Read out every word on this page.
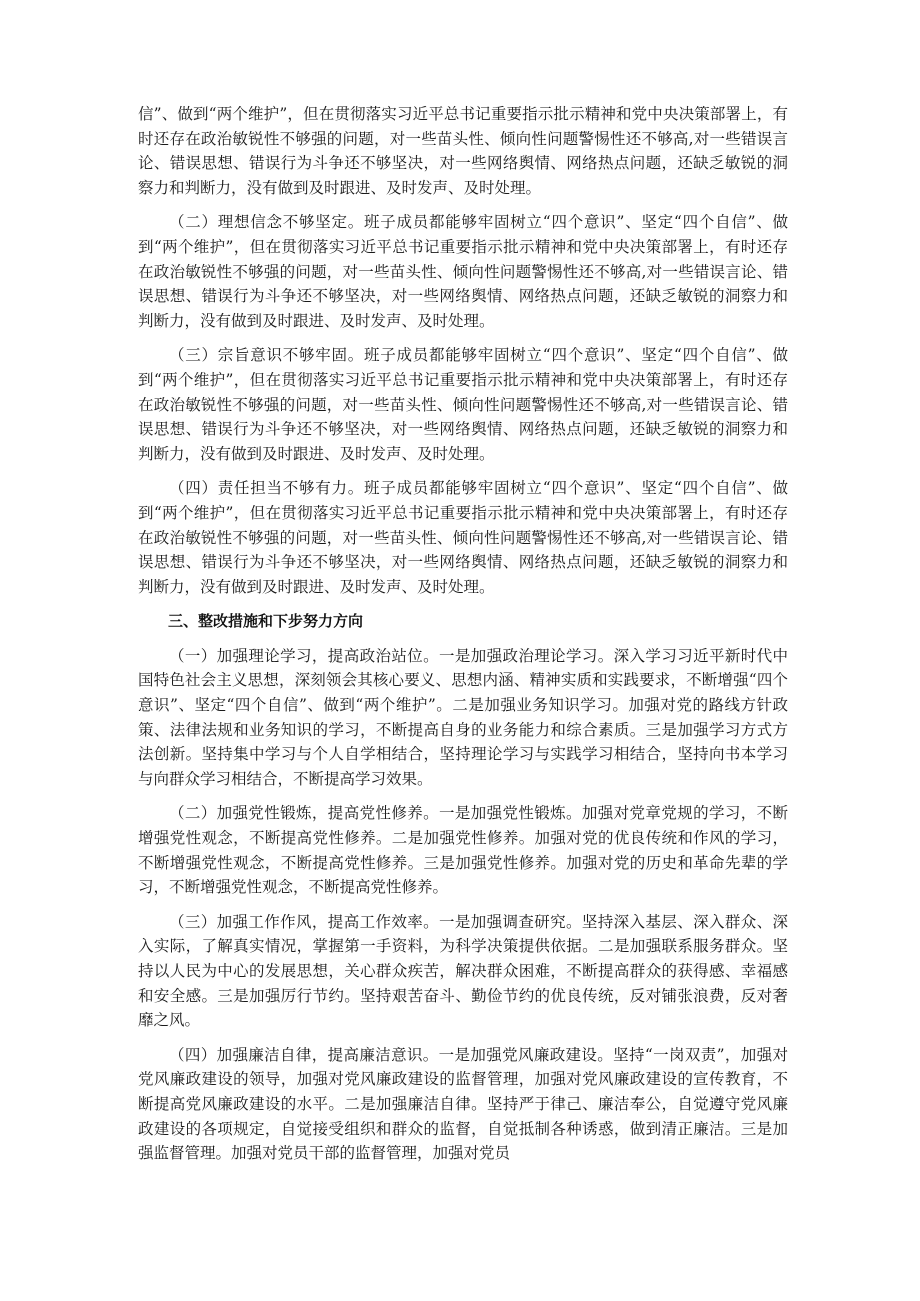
信”、做到“两个维护”，但在贯彻落实习近平总书记重要指示批示精神和党中央决策部署上，有时还存在政治敏锐性不够强的问题，对一些苗头性、倾向性问题警惕性还不够高,对一些错误言论、错误思想、错误行为斗争还不够坚决，对一些网络舆情、网络热点问题，还缺乏敏锐的洞察力和判断力，没有做到及时跟进、及时发声、及时处理。

（二）理想信念不够坚定。班子成员都能够牢固树立“四个意识”、坚定“四个自信”、做到“两个维护”，但在贯彻落实习近平总书记重要指示批示精神和党中央决策部署上，有时还存在政治敏锐性不够强的问题，对一些苗头性、倾向性问题警惕性还不够高,对一些错误言论、错误思想、错误行为斗争还不够坚决，对一些网络舆情、网络热点问题，还缺乏敏锐的洞察力和判断力，没有做到及时跟进、及时发声、及时处理。

（三）宗旨意识不够牢固。班子成员都能够牢固树立“四个意识”、坚定“四个自信”、做到“两个维护”，但在贯彻落实习近平总书记重要指示批示精神和党中央决策部署上，有时还存在政治敏锐性不够强的问题，对一些苗头性、倾向性问题警惕性还不够高,对一些错误言论、错误思想、错误行为斗争还不够坚决，对一些网络舆情、网络热点问题，还缺乏敏锐的洞察力和判断力，没有做到及时跟进、及时发声、及时处理。

（四）责任担当不够有力。班子成员都能够牢固树立“四个意识”、坚定“四个自信”、做到“两个维护”，但在贯彻落实习近平总书记重要指示批示精神和党中央决策部署上，有时还存在政治敏锐性不够强的问题，对一些苗头性、倾向性问题警惕性还不够高,对一些错误言论、错误思想、错误行为斗争还不够坚决，对一些网络舆情、网络热点问题，还缺乏敏锐的洞察力和判断力，没有做到及时跟进、及时发声、及时处理。

三、整改措施和下步努力方向

（一）加强理论学习，提高政治站位。一是加强政治理论学习。深入学习习近平新时代中国特色社会主义思想，深刻领会其核心要义、思想内涵、精神实质和实践要求，不断增强“四个意识”、坚定“四个自信”、做到“两个维护”。二是加强业务知识学习。加强对党的路线方针政策、法律法规和业务知识的学习，不断提高自身的业务能力和综合素质。三是加强学习方式方法创新。坚持集中学习与个人自学相结合，坚持理论学习与实践学习相结合，坚持向书本学习与向群众学习相结合，不断提高学习效果。

（二）加强党性锻炼，提高党性修养。一是加强党性锻炼。加强对党章党规的学习，不断增强党性观念，不断提高党性修养。二是加强党性修养。加强对党的优良传统和作风的学习，不断增强党性观念，不断提高党性修养。三是加强党性修养。加强对党的历史和革命先辈的学习，不断增强党性观念，不断提高党性修养。

（三）加强工作作风，提高工作效率。一是加强调查研究。坚持深入基层、深入群众、深入实际，了解真实情况，掌握第一手资料，为科学决策提供依据。二是加强联系服务群众。坚持以人民为中心的发展思想，关心群众疾苦，解决群众困难，不断提高群众的获得感、幸福感和安全感。三是加强厉行节约。坚持艰苦奋斗、勤俭节约的优良传统，反对铺张浪费，反对奢靡之风。

（四）加强廉洁自律，提高廉洁意识。一是加强党风廉政建设。坚持“一岗双责”，加强对党风廉政建设的领导，加强对党风廉政建设的监督管理，加强对党风廉政建设的宣传教育，不断提高党风廉政建设的水平。二是加强廉洁自律。坚持严于律己、廉洁奉公，自觉遵守党风廉政建设的各项规定，自觉接受组织和群众的监督，自觉抵制各种诱惑，做到清正廉洁。三是加强监督管理。加强对党员干部的监督管理，加强对党员
